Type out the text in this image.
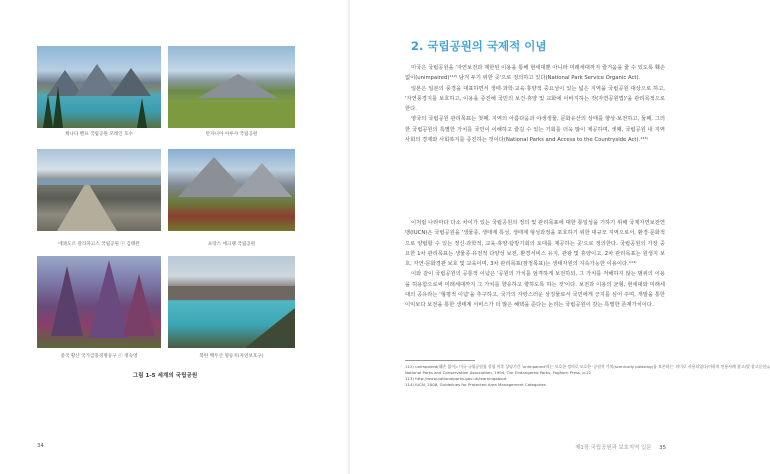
캐나다 밴프 국립공원 모레인 호수	탄자니아 아루샤 국립공원
에콰도르 갈라파고스 국립공원 ⓒ 김태완	프랑스 에크랭 국립공원
중국 황산 국가급풍경명승구 ⓒ 정숙영	북한 백두산 명승지(자연보호구)
그림 1-5 세계의 국립공원
34
2. 국립공원의 국제적 이념

미국은 국립공원을 '자연보전과 제한된 이용을 통해 현세대뿐 아니라 미래세대까지 즐거움을 줄 수 있도록 훼손 없이(unimpaired)¹¹²⁾ 남겨 두기 위한 곳'으로 정의하고 있다(National Park Service Organic Act).

일본은 일본의 풍경을 대표하면서 생태·과학·교육·휴양적 중요성이 있는 넓은 지역을 국립공원 대상으로 하고, '자연풍경지를 보호하고, 이용을 증진해 국민의 보건·휴양 및 교화에 이바지하는 것(자연공원법)'을 관리목적으로 한다.

영국의 국립공원 관리목표는 첫째, 지역의 아름다움과 야생생물, 문화유산의 상태를 향상·보전하고, 둘째, 그러한 국립공원의 특별한 가치를 국민이 이해하고 즐길 수 있는 기회를 더욱 많이 제공하며, 셋째, 국립공원 내 지역사회의 경제와 사회복지를 증진하는 것이다(National Parks and Access to the Countryside Act).¹¹³⁾

이처럼 나라마다 다소 차이가 있는 국립공원의 정의 및 관리목표에 대한 통일성을 기하기 위해 국제자연보전연맹(IUCN)은 국립공원을 '생물종, 생태계 특성, 생태계 형성과정을 포호하기 위한 대규모 지역으로서, 환경·문화적으로 양립할 수 있는 정신·과학적, 교육·휴양·탐방기회의 토대를 제공하는 곳'으로 정의한다. 국립공원의 가장 중요한 1차 관리목표는 생물종·유전적 다양성 보전, 환경서비스 유지, 관광 및 휴양이고, 2차 관리목표는 원생지 보호, 자연·문화경관 보호 및 교육이며, 3차 관리목표(잠정목표)는 생태자원의 지속가능한 이용이다.¹¹⁴⁾

이와 같이 국립공원의 공통적 이념은 '공원의 가치를 엄격하게 보전하되, 그 가치를 저해하지 않는 범위의 이용을 허용함으로써 미래세대까지 그 가치를 향유하고 향하도록 하는 것'이다. 보전과 이용의 균형, 현세대와 미래세대의 공유라는 '형평적 이념'을 추구하고, 국가의 자랑스러운 상징물로서 국민에게 긍지를 심어 주며, 개발을 통한 이익보다 보전을 통한 생태계 서비스가 더 많은 혜택을 준다는 논리는 국립공원이 갖는 특별한 존재가치이다.

112) unimpaired(훼손 없이): 미국 국립공원청 설립 이후 상당기간 'unimpaired'라는 모호한 정의로 모호한 '공원적 가치(scenically pleasing)를 보존하는' 의미로 사용되었다(이하의 인용사례 참고(별 참고문헌)).
National Parks and Conservation Association, 1994, Our Endangered Parks, Foghorn Press, p.22
113) http://www.nationalparks.gov.uk/learningabout
114) IUCN, 2008, Guidelines for Protected Area Management Categories
제1장 국립공원과 보호지역 입문 35
